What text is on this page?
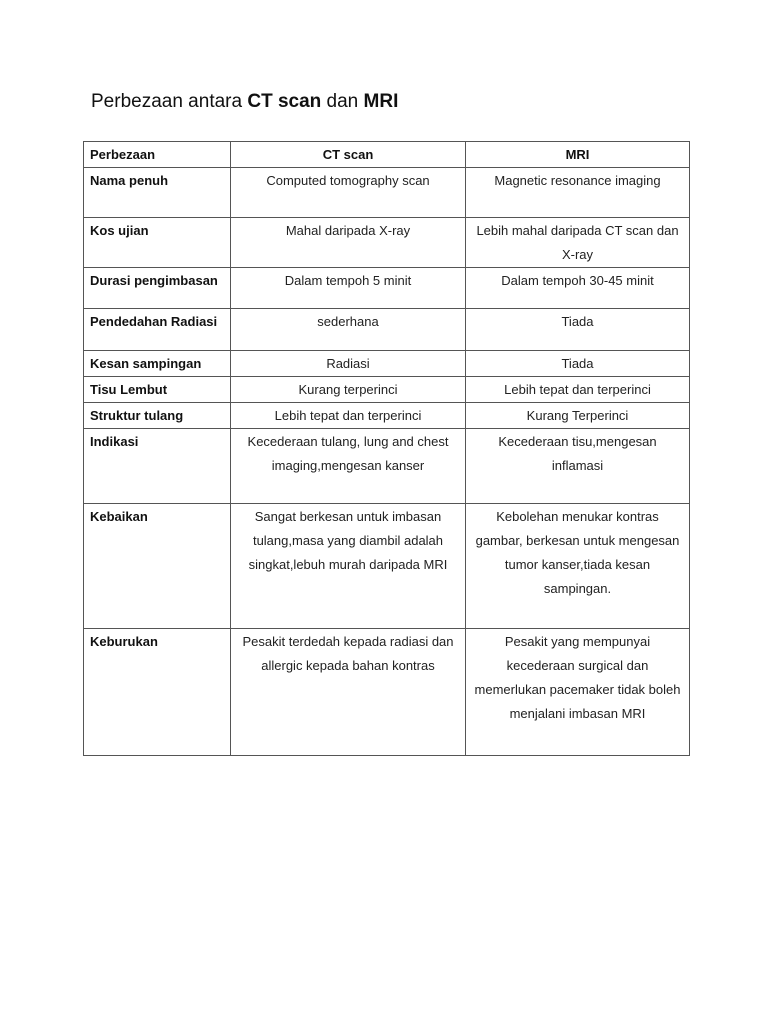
Perbezaan antara CT scan dan MRI
Perbezaan	CT scan	MRI
Nama penuh	Computed tomography scan	Magnetic resonance imaging
Kos ujian	Mahal daripada X-ray	Lebih mahal daripada CT scan dan X-ray
Durasi pengimbasan	Dalam tempoh 5 minit	Dalam tempoh 30-45 minit
Pendedahan Radiasi	sederhana	Tiada
Kesan sampingan	Radiasi	Tiada
Tisu Lembut	Kurang terperinci	Lebih tepat dan terperinci
Struktur tulang	Lebih tepat dan terperinci	Kurang Terperinci
Indikasi	Kecederaan tulang, lung and chest imaging,mengesan kanser	Kecederaan tisu,mengesan inflamasi
Kebaikan	Sangat berkesan untuk imbasan tulang,masa yang diambil adalah singkat,lebuh murah daripada MRI	Kebolehan menukar kontras gambar, berkesan untuk mengesan tumor kanser,tiada kesan sampingan.
Keburukan	Pesakit terdedah kepada radiasi dan allergic kepada bahan kontras	Pesakit yang mempunyai kecederaan surgical dan memerlukan pacemaker tidak boleh menjalani imbasan MRI
